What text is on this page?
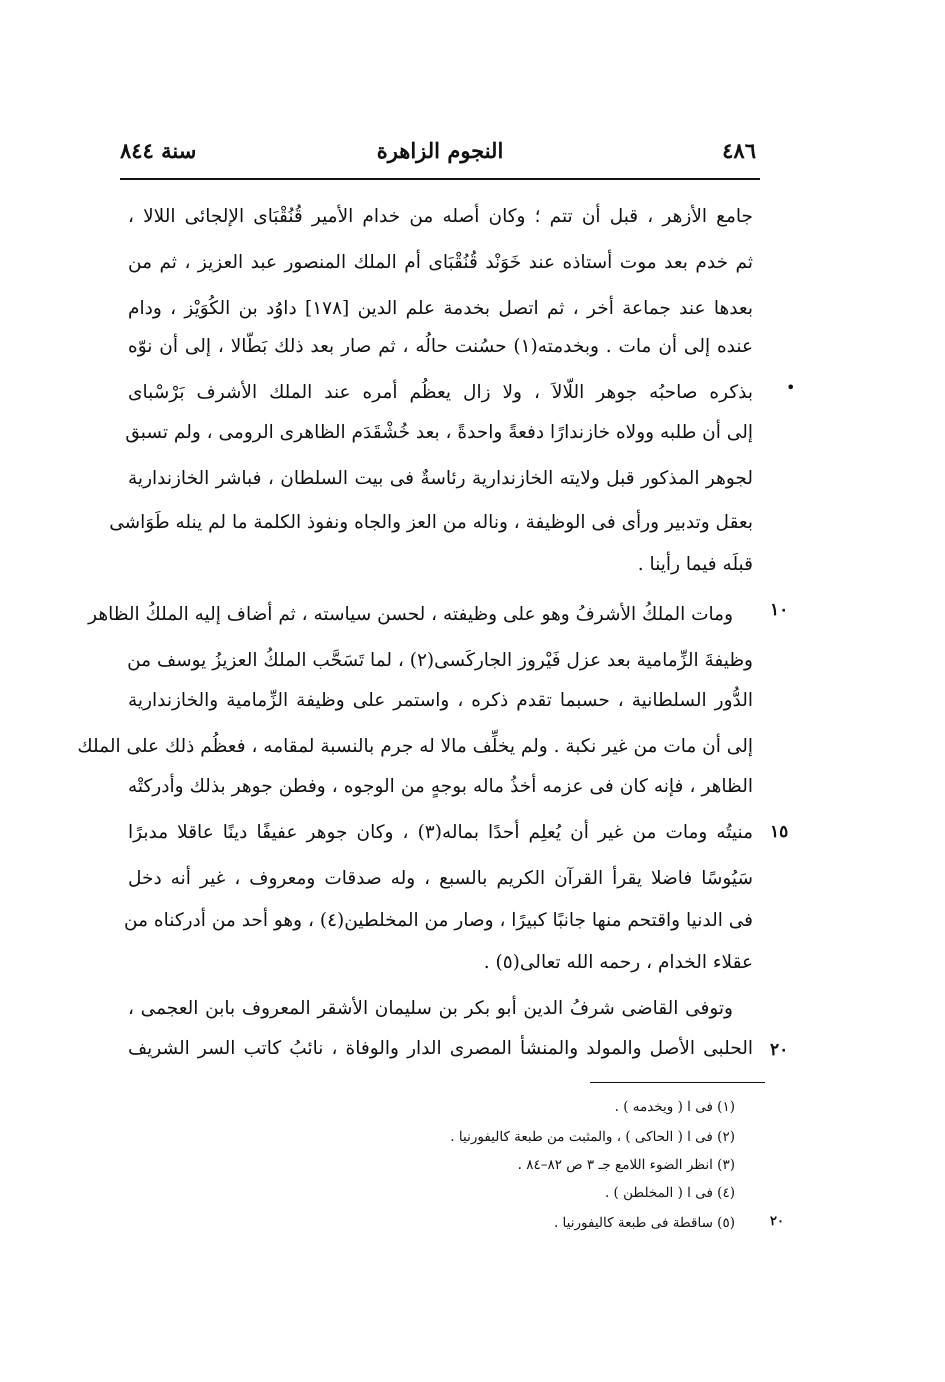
٤٨٦
النجوم الزاهرة
سنة ٨٤٤
جامع الأزهر ، قبل أن تتم ؛ وكان أصله من خدام الأمير قُنُقْبَاى الإلجائى اللالا ،
ثم خدم بعد موت أستاذه عند خَوَنْد قُنُقْبَاى أم الملك المنصور عبد العزيز ، ثم من
بعدها عند جماعة أخر ، ثم اتصل بخدمة علم الدين [١٧٨] داوُد بن الكُوَيْز ، ودام
عنده إلى أن مات . وبخدمته(١) حسُنت حالُه ، ثم صار بعد ذلك بَطّالا ، إلى أن نوّه
بذكره صاحبُه جوهر اللّالاَ ، ولا زال يعظُم أمره عند الملك الأشرف بَرْسْباى
إلى أن طلبه وولاه خازندارًا دفعةً واحدةً ، بعد خُشْقَدَم الظاهرى الرومى ، ولم تسبق
لجوهر المذكور قبل ولايته الخازندارية رئاسةٌ فى بيت السلطان ، فباشر الخازندارية
بعقل وتدبير ورأى فى الوظيفة ، وناله من العز والجاه ونفوذ الكلمة ما لم ينله طَوَاشى
قبلَه فيما رأينا .
ومات الملكُ الأشرفُ وهو على وظيفته ، لحسن سياسته ، ثم أضاف إليه الملكُ الظاهر
وظيفةَ الزِّمامية بعد عزل فَيْروز الجاركَسى(٢) ، لما تَسَحَّب الملكُ العزيزُ يوسف من
الدُّور السلطانية ، حسبما تقدم ذكره ، واستمر على وظيفة الزِّمامية والخازندارية
إلى أن مات من غير نكبة . ولم يخلِّف مالا له جرم بالنسبة لمقامه ، فعظُم ذلك على الملك
الظاهر ، فإنه كان فى عزمه أخذُ ماله بوجهٍ من الوجوه ، وفطن جوهر بذلك وأدركتْه
منيتُه ومات من غير أن يُعلِم أحدًا بماله(٣) ، وكان جوهر عفيفًا دينًا عاقلا مدبرًا
سَيُوسًا فاضلا يقرأ القرآن الكريم بالسبع ، وله صدقات ومعروف ، غير أنه دخل
فى الدنيا واقتحم منها جانبًا كبيرًا ، وصار من المخلطين(٤) ، وهو أحد من أدركناه من
عقلاء الخدام ، رحمه الله تعالى(٥) .
وتوفى القاضى شرفُ الدين أبو بكر بن سليمان الأشقر المعروف بابن العجمى ،
الحلبى الأصل والمولد والمنشأ المصرى الدار والوفاة ، نائبُ كاتب السر الشريف
•
١٠
١٥
٢٠
(١) فى ا ( ويخدمه ) .
(٢) فى ا ( الحاكى ) ، والمثبت من طبعة كاليفورنيا .
(٣) انظر الضوء اللامع جـ ٣ ص ٨٢–٨٤ .
(٤) فى ا ( المخلطن ) .
(٥) ساقطة فى طبعة كاليفورنيا .	٢٠
